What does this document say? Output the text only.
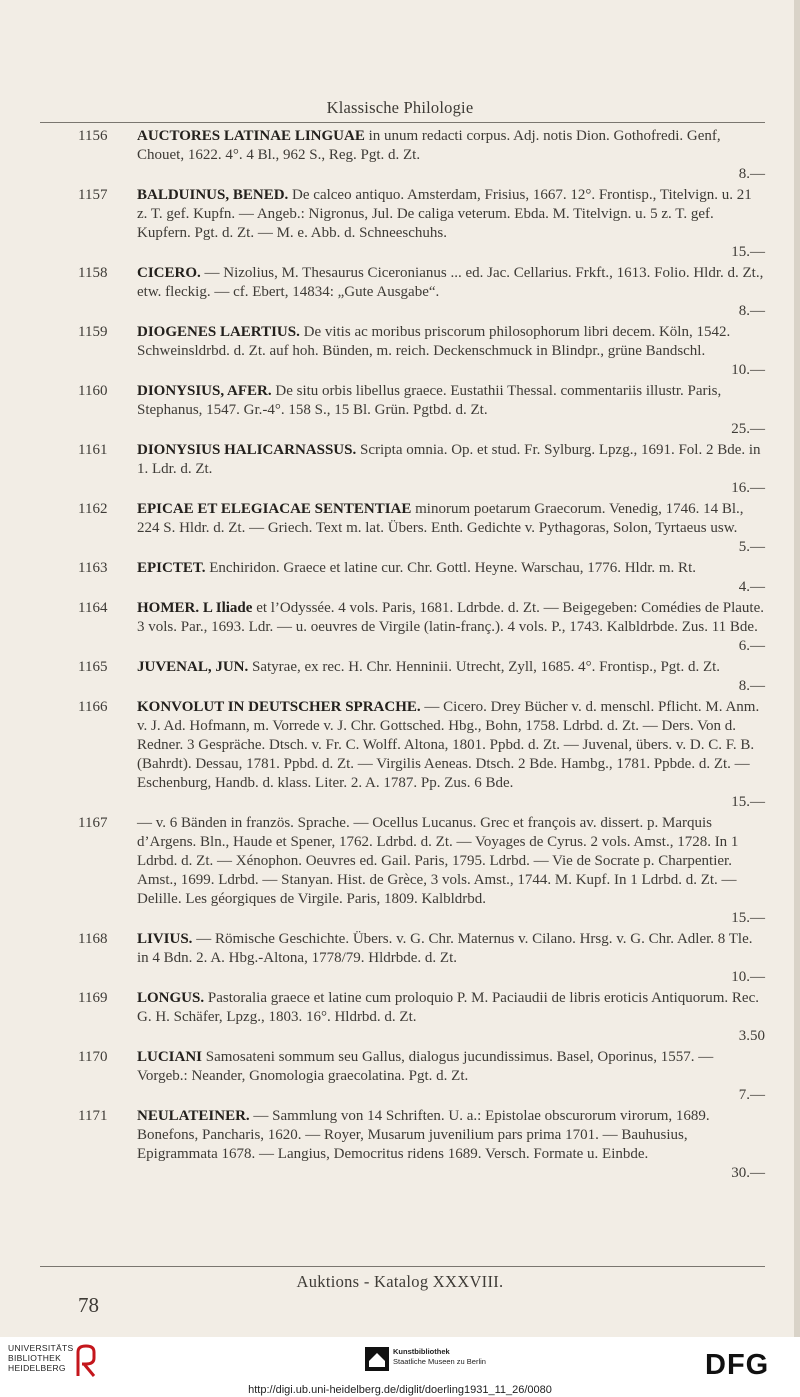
Klassische Philologie
1156 AUCTORES LATINAE LINGUAE in unum redacti corpus. Adj. notis Dion. Gothofredi. Genf, Chouet, 1622. 4°. 4 Bl., 962 S., Reg. Pgt. d. Zt.
8.—
1157 BALDUINUS, BENED. De calceo antiquo. Amsterdam, Frisius, 1667. 12°. Frontisp., Titelvign. u. 21 z. T. gef. Kupfn. — Angeb.: Nigronus, Jul. De caliga veterum. Ebda. M. Titelvign. u. 5 z. T. gef. Kupfern. Pgt. d. Zt. — M. e. Abb. d. Schneeschuhs.
15.—
1158 CICERO. — Nizolius, M. Thesaurus Ciceronianus ... ed. Jac. Cellarius. Frkft., 1613. Folio. Hldr. d. Zt., etw. fleckig. — cf. Ebert, 14834: „Gute Ausgabe“.
8.—
1159 DIOGENES LAERTIUS. De vitis ac moribus priscorum philosophorum libri decem. Köln, 1542. Schweinsldrbd. d. Zt. auf hoh. Bünden, m. reich. Deckenschmuck in Blindpr., grüne Bandschl.
10.—
1160 DIONYSIUS, AFER. De situ orbis libellus graece. Eustathii Thessal. commentariis illustr. Paris, Stephanus, 1547. Gr.-4°. 158 S., 15 Bl. Grün. Pgtbd. d. Zt.
25.—
1161 DIONYSIUS HALICARNASSUS. Scripta omnia. Op. et stud. Fr. Sylburg. Lpzg., 1691. Fol. 2 Bde. in 1. Ldr. d. Zt.
16.—
1162 EPICAE ET ELEGIACAE SENTENTIAE minorum poetarum Graecorum. Venedig, 1746. 14 Bl., 224 S. Hldr. d. Zt. — Griech. Text m. lat. Übers. Enth. Gedichte v. Pythagoras, Solon, Tyrtaeus usw.
5.—
1163 EPICTET. Enchiridon. Graece et latine cur. Chr. Gottl. Heyne. Warschau, 1776. Hldr. m. Rt.
4.—
1164 HOMER. L Iliade et l’Odyssée. 4 vols. Paris, 1681. Ldrbde. d. Zt. — Beigegeben: Comédies de Plaute. 3 vols. Par., 1693. Ldr. — u. oeuvres de Virgile (latin-franç.). 4 vols. P., 1743. Kalbldrbde. Zus. 11 Bde.
6.—
1165 JUVENAL, JUN. Satyrae, ex rec. H. Chr. Henninii. Utrecht, Zyll, 1685. 4°. Frontisp., Pgt. d. Zt.
8.—
1166 KONVOLUT IN DEUTSCHER SPRACHE. — Cicero. Drey Bücher v. d. menschl. Pflicht. M. Anm. v. J. Ad. Hofmann, m. Vorrede v. J. Chr. Gottsched. Hbg., Bohn, 1758. Ldrbd. d. Zt. — Ders. Von d. Redner. 3 Gespräche. Dtsch. v. Fr. C. Wolff. Altona, 1801. Ppbd. d. Zt. — Juvenal, übers. v. D. C. F. B. (Bahrdt). Dessau, 1781. Ppbd. d. Zt. — Virgilis Aeneas. Dtsch. 2 Bde. Hambg., 1781. Ppbde. d. Zt. — Eschenburg, Handb. d. klass. Liter. 2. A. 1787. Pp. Zus. 6 Bde.
15.—
1167 — v. 6 Bänden in französ. Sprache. — Ocellus Lucanus. Grec et françois av. dissert. p. Marquis d’Argens. Bln., Haude et Spener, 1762. Ldrbd. d. Zt. — Voyages de Cyrus. 2 vols. Amst., 1728. In 1 Ldrbd. d. Zt. — Xénophon. Oeuvres ed. Gail. Paris, 1795. Ldrbd. — Vie de Socrate p. Charpentier. Amst., 1699. Ldrbd. — Stanyan. Hist. de Grèce, 3 vols. Amst., 1744. M. Kupf. In 1 Ldrbd. d. Zt. — Delille. Les géorgiques de Virgile. Paris, 1809. Kalbldrbd.
15.—
1168 LIVIUS. — Römische Geschichte. Übers. v. G. Chr. Maternus v. Cilano. Hrsg. v. G. Chr. Adler. 8 Tle. in 4 Bdn. 2. A. Hbg.-Altona, 1778/79. Hldrbde. d. Zt.
10.—
1169 LONGUS. Pastoralia graece et latine cum proloquio P. M. Paciaudii de libris eroticis Antiquorum. Rec. G. H. Schäfer, Lpzg., 1803. 16°. Hldrbd. d. Zt.
3.50
1170 LUCIANI Samosateni sommum seu Gallus, dialogus jucundissimus. Basel, Oporinus, 1557. — Vorgeb.: Neander, Gnomologia graecolatina. Pgt. d. Zt.
7.—
1171 NEULATEINER. — Sammlung von 14 Schriften. U. a.: Epistolae obscurorum virorum, 1689. Bonefons, Pancharis, 1620. — Royer, Musarum juvenilium pars prima 1701. — Bauhusius, Epigrammata 1678. — Langius, Democritus ridens 1689. Versch. Formate u. Einbde.
30.—
Auktions - Katalog XXXVIII.
78
UNIVERSITÄTS
BIBLIOTHEK
HEIDELBERG
Kunstbibliothek
Staatliche Museen zu Berlin	DFG
http://digi.ub.uni-heidelberg.de/diglit/doerling1931_11_26/0080
